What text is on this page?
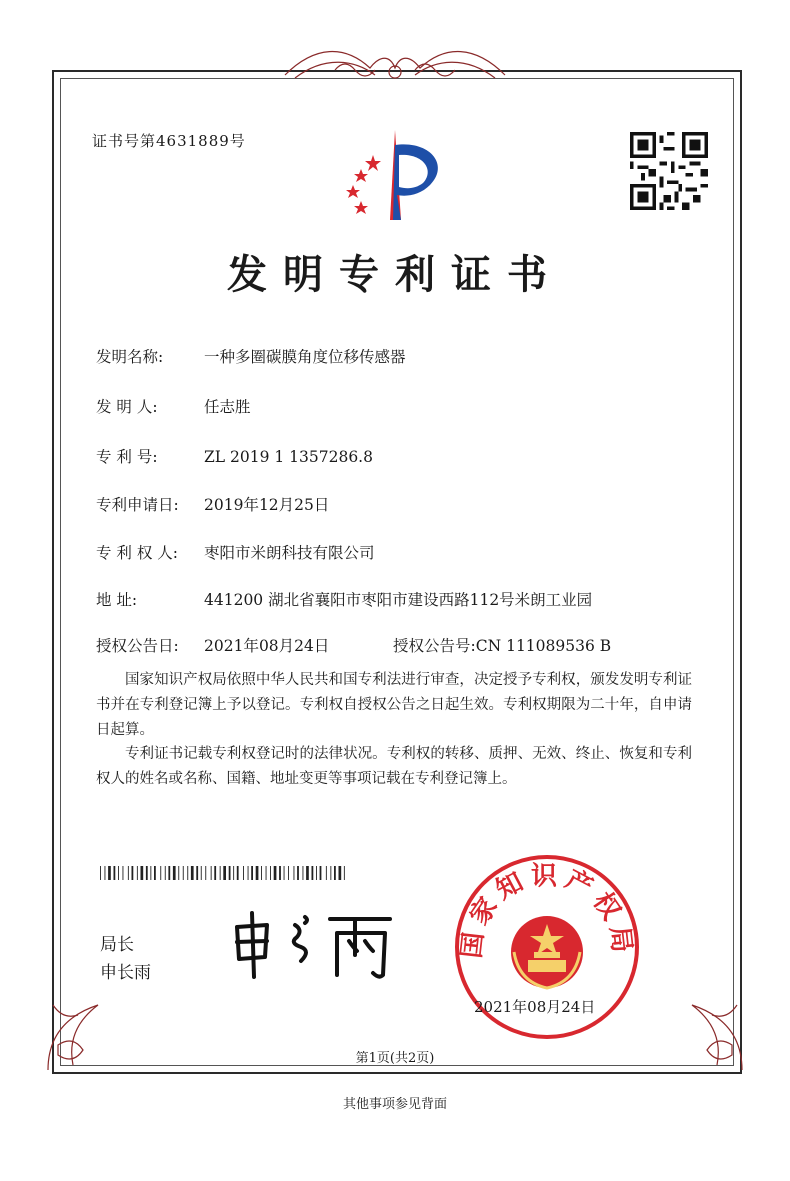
证书号第4631889号
发明专利证书
发明名称:	一种多圈碳膜角度位移传感器
发 明 人:	任志胜
专 利 号:	ZL 2019 1 1357286.8
专利申请日: 2019年12月25日
专 利 权 人: 枣阳市米朗科技有限公司
地 址:	441200 湖北省襄阳市枣阳市建设西路112号米朗工业园
授权公告日: 2021年08月24日	授权公告号:CN 111089536 B
国家知识产权局依照中华人民共和国专利法进行审查，决定授予专利权，颁发发明专利证书并在专利登记簿上予以登记。专利权自授权公告之日起生效。专利权期限为二十年，自申请日起算。
专利证书记载专利权登记时的法律状况。专利权的转移、质押、无效、终止、恢复和专利权人的姓名或名称、国籍、地址变更等事项记载在专利登记簿上。
局长
申长雨
国家知识产权局
2021年08月24日
第1页(共2页)
其他事项参见背面
